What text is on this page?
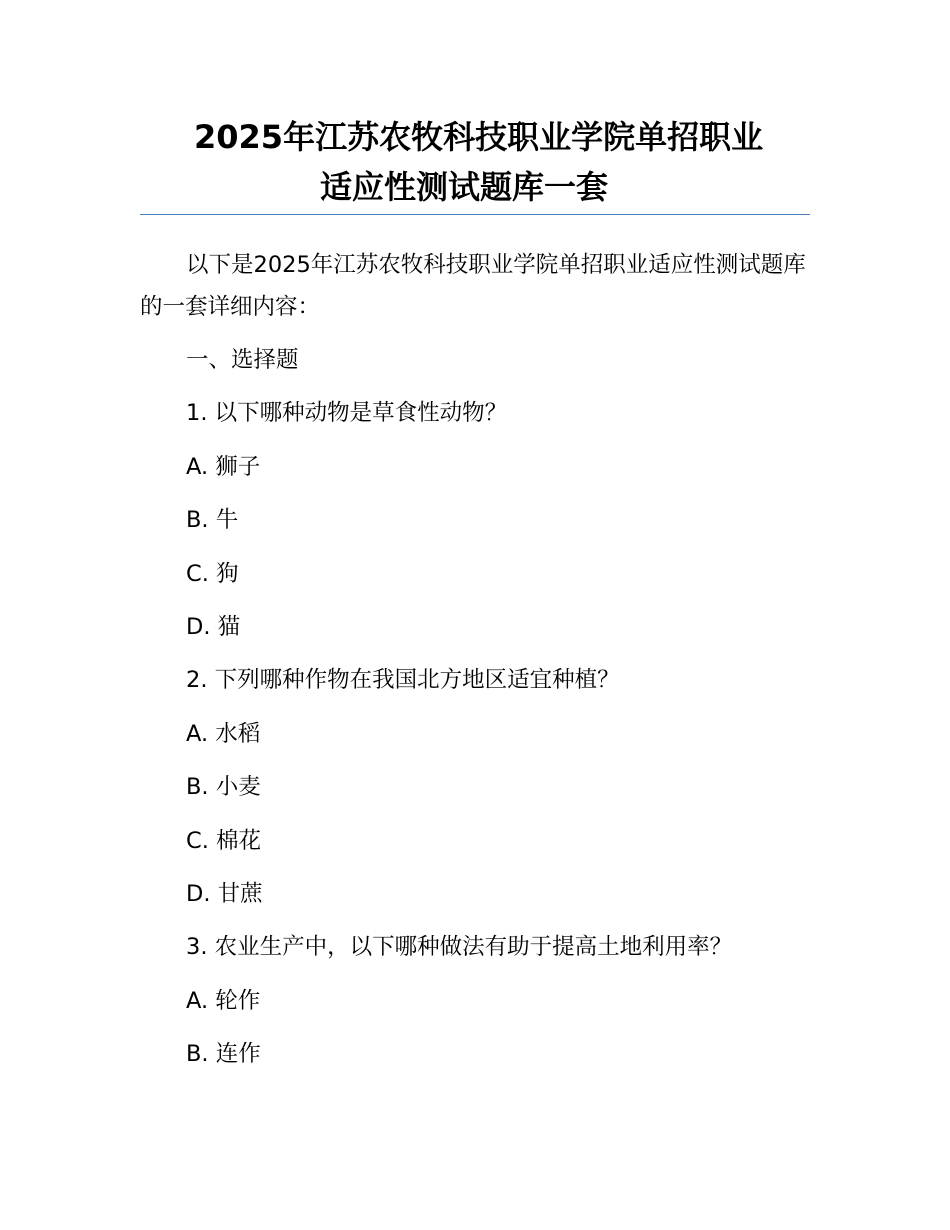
2025年江苏农牧科技职业学院单招职业
适应性测试题库一套

以下是2025年江苏农牧科技职业学院单招职业适应性测试题库的一套详细内容：

一、选择题
1. 以下哪种动物是草食性动物？
A. 狮子
B. 牛
C. 狗
D. 猫
2. 下列哪种作物在我国北方地区适宜种植？
A. 水稻
B. 小麦
C. 棉花
D. 甘蔗
3. 农业生产中，以下哪种做法有助于提高土地利用率？
A. 轮作
B. 连作
